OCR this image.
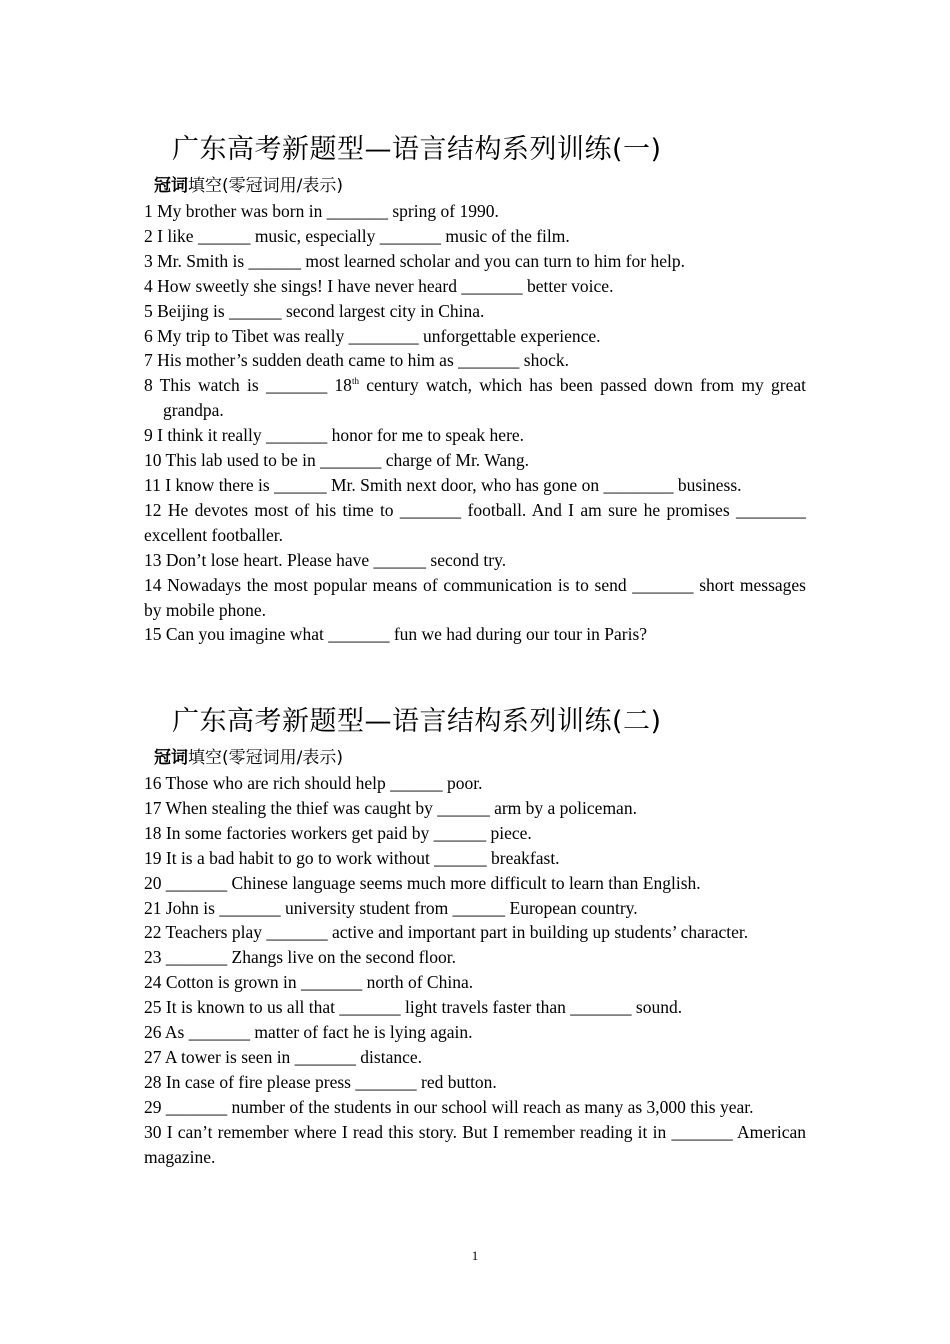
广东高考新题型—语言结构系列训练(一)
冠词填空(零冠词用/表示)

1 My brother was born in _______ spring of 1990.

2 I like ______ music, especially _______ music of the film.

3 Mr. Smith is ______ most learned scholar and you can turn to him for help.

4 How sweetly she sings! I have never heard _______ better voice.

5 Beijing is ______ second largest city in China.

6 My trip to Tibet was really ________ unforgettable experience.

7 His mother’s sudden death came to him as _______ shock.

8 This watch is _______ 18th century watch, which has been passed down from my great grandpa.

9 I think it really _______ honor for me to speak here.

10 This lab used to be in _______ charge of Mr. Wang.

11 I know there is ______ Mr. Smith next door, who has gone on ________ business.

12 He devotes most of his time to _______ football. And I am sure he promises ________ excellent footballer.

13 Don’t lose heart. Please have ______ second try.

14 Nowadays the most popular means of communication is to send _______ short messages by mobile phone.

15 Can you imagine what _______ fun we had during our tour in Paris?

广东高考新题型—语言结构系列训练(二)
冠词填空(零冠词用/表示)

16 Those who are rich should help ______ poor.

17 When stealing the thief was caught by ______ arm by a policeman.

18 In some factories workers get paid by ______ piece.

19 It is a bad habit to go to work without ______ breakfast.

20 _______ Chinese language seems much more difficult to learn than English.

21 John is _______ university student from ______ European country.

22 Teachers play _______ active and important part in building up students’ character.

23 _______ Zhangs live on the second floor.

24 Cotton is grown in _______ north of China.

25 It is known to us all that _______ light travels faster than _______ sound.

26 As _______ matter of fact he is lying again.

27 A tower is seen in _______ distance.

28 In case of fire please press _______ red button.

29 _______ number of the students in our school will reach as many as 3,000 this year.

30 I can’t remember where I read this story. But I remember reading it in _______ American magazine.

1
